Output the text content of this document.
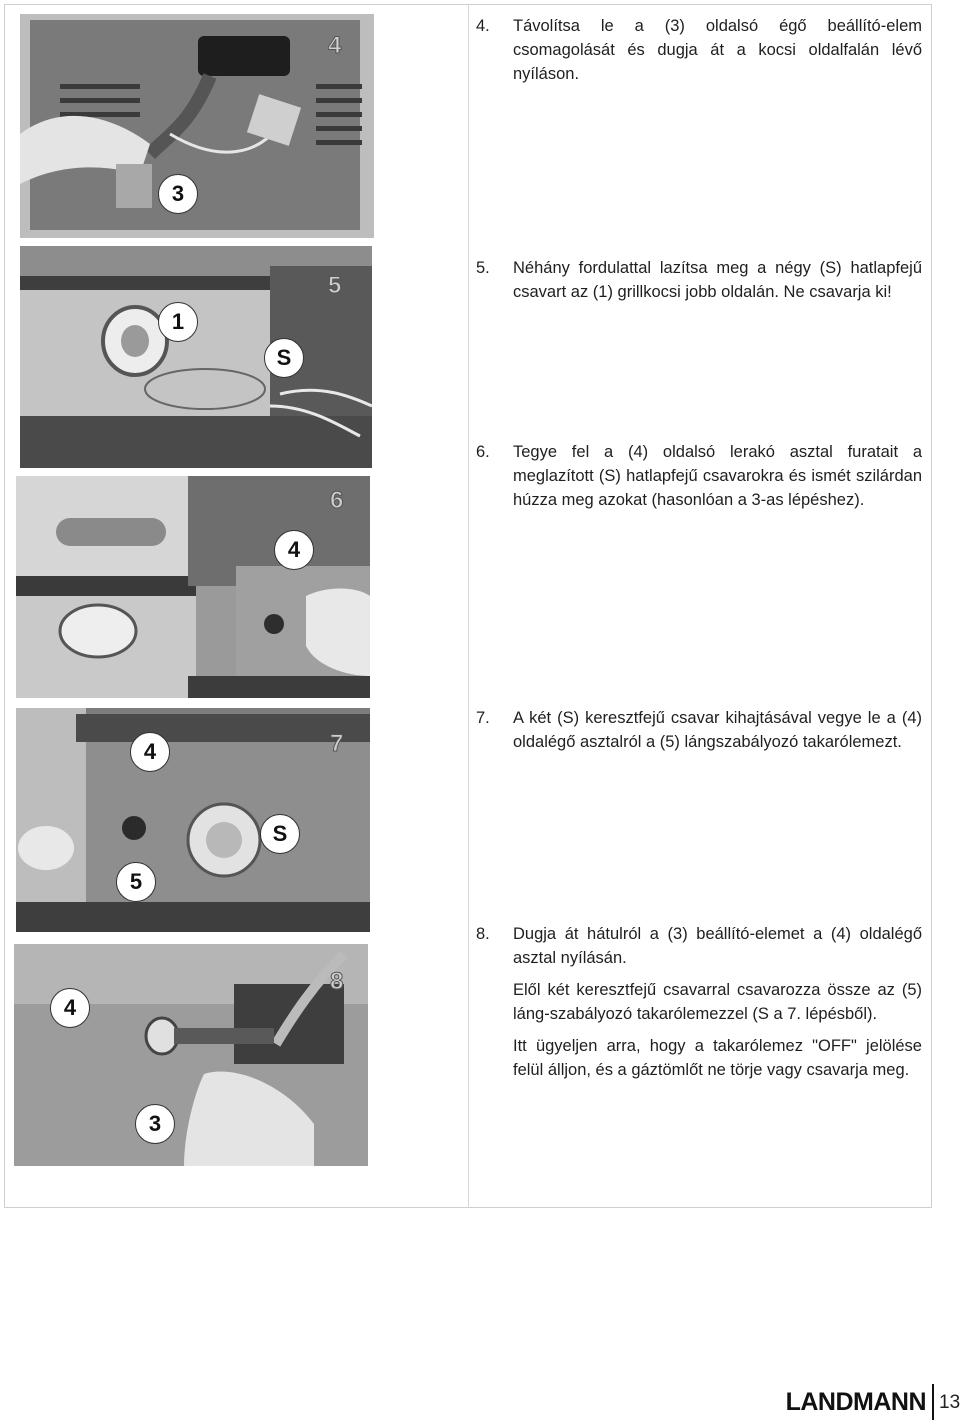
4
3
5
1
S
6
4
7
4
S
5
8
4
3
4. Távolítsa le a (3) oldalsó égő beállító-elem csomagolását és dugja át a kocsi oldalfalán lévő nyíláson.

5. Néhány fordulattal lazítsa meg a négy (S) hatlapfejű csavart az (1) grillkocsi jobb oldalán. Ne csavarja ki!

6. Tegye fel a (4) oldalsó lerakó asztal furatait a meglazított (S) hatlapfejű csavarokra és ismét szilárdan húzza meg azokat (hasonlóan a 3-as lépéshez).

7. A két (S) keresztfejű csavar kihajtásával vegye le a (4) oldalégő asztalról a (5) lángszabályozó takarólemezt.

8. Dugja át hátulról a (3) beállító-elemet a (4) oldalégő asztal nyílásán.

Elől két keresztfejű csavarral csavarozza össze az (5) láng-szabályozó takarólemezzel (S a 7. lépésből).

Itt ügyeljen arra, hogy a takarólemez "OFF" jelölése felül álljon, és a gáztömlőt ne törje vagy csavarja meg.

LANDMANN 13
